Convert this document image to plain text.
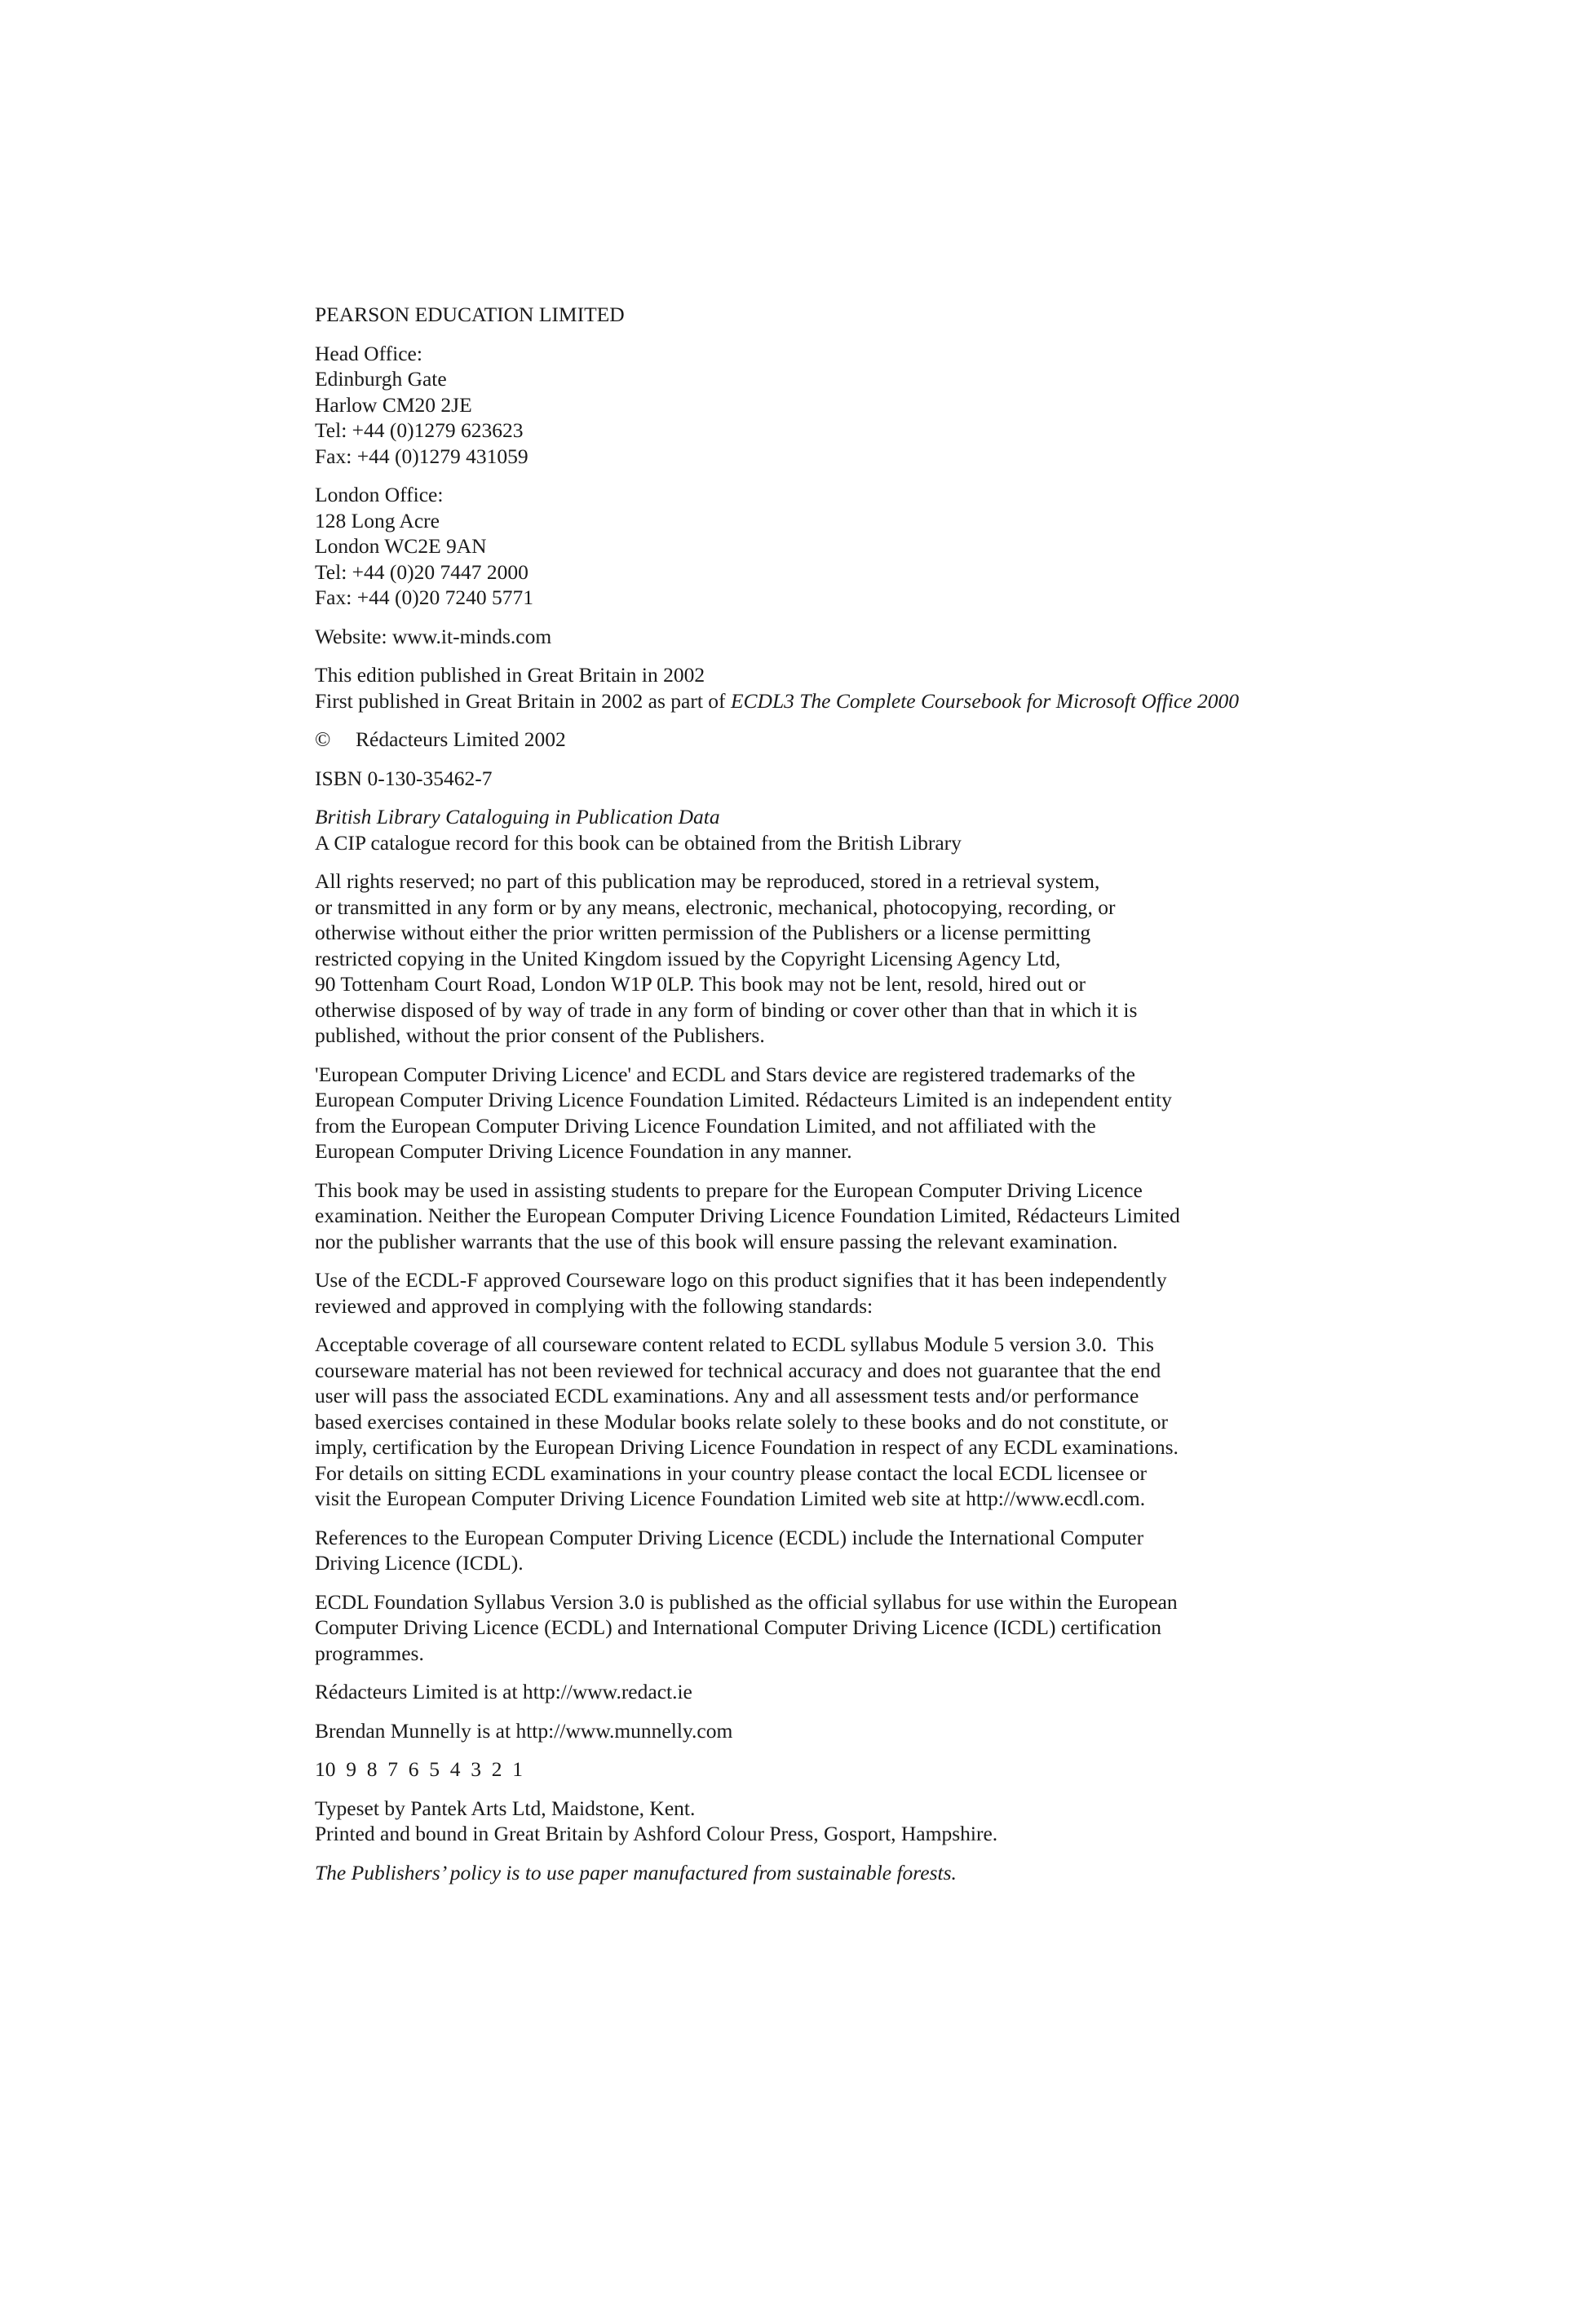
PEARSON EDUCATION LIMITED
Head Office:
Edinburgh Gate
Harlow CM20 2JE
Tel: +44 (0)1279 623623
Fax: +44 (0)1279 431059
London Office:
128 Long Acre
London WC2E 9AN
Tel: +44 (0)20 7447 2000
Fax: +44 (0)20 7240 5771
Website: www.it-minds.com
This edition published in Great Britain in 2002
First published in Great Britain in 2002 as part of ECDL3 The Complete Coursebook for Microsoft Office 2000
© Rédacteurs Limited 2002
ISBN 0-130-35462-7
British Library Cataloguing in Publication Data
A CIP catalogue record for this book can be obtained from the British Library
All rights reserved; no part of this publication may be reproduced, stored in a retrieval system,
or transmitted in any form or by any means, electronic, mechanical, photocopying, recording, or
otherwise without either the prior written permission of the Publishers or a license permitting
restricted copying in the United Kingdom issued by the Copyright Licensing Agency Ltd,
90 Tottenham Court Road, London W1P 0LP. This book may not be lent, resold, hired out or
otherwise disposed of by way of trade in any form of binding or cover other than that in which it is
published, without the prior consent of the Publishers.
'European Computer Driving Licence' and ECDL and Stars device are registered trademarks of the
European Computer Driving Licence Foundation Limited. Rédacteurs Limited is an independent entity
from the European Computer Driving Licence Foundation Limited, and not affiliated with the
European Computer Driving Licence Foundation in any manner.
This book may be used in assisting students to prepare for the European Computer Driving Licence
examination. Neither the European Computer Driving Licence Foundation Limited, Rédacteurs Limited
nor the publisher warrants that the use of this book will ensure passing the relevant examination.
Use of the ECDL-F approved Courseware logo on this product signifies that it has been independently
reviewed and approved in complying with the following standards:
Acceptable coverage of all courseware content related to ECDL syllabus Module 5 version 3.0.  This
courseware material has not been reviewed for technical accuracy and does not guarantee that the end
user will pass the associated ECDL examinations. Any and all assessment tests and/or performance
based exercises contained in these Modular books relate solely to these books and do not constitute, or
imply, certification by the European Driving Licence Foundation in respect of any ECDL examinations.
For details on sitting ECDL examinations in your country please contact the local ECDL licensee or
visit the European Computer Driving Licence Foundation Limited web site at http://www.ecdl.com.
References to the European Computer Driving Licence (ECDL) include the International Computer
Driving Licence (ICDL).
ECDL Foundation Syllabus Version 3.0 is published as the official syllabus for use within the European
Computer Driving Licence (ECDL) and International Computer Driving Licence (ICDL) certification
programmes.
Rédacteurs Limited is at http://www.redact.ie
Brendan Munnelly is at http://www.munnelly.com
10  9  8  7  6  5  4  3  2  1
Typeset by Pantek Arts Ltd, Maidstone, Kent.
Printed and bound in Great Britain by Ashford Colour Press, Gosport, Hampshire.
The Publishers’ policy is to use paper manufactured from sustainable forests.
